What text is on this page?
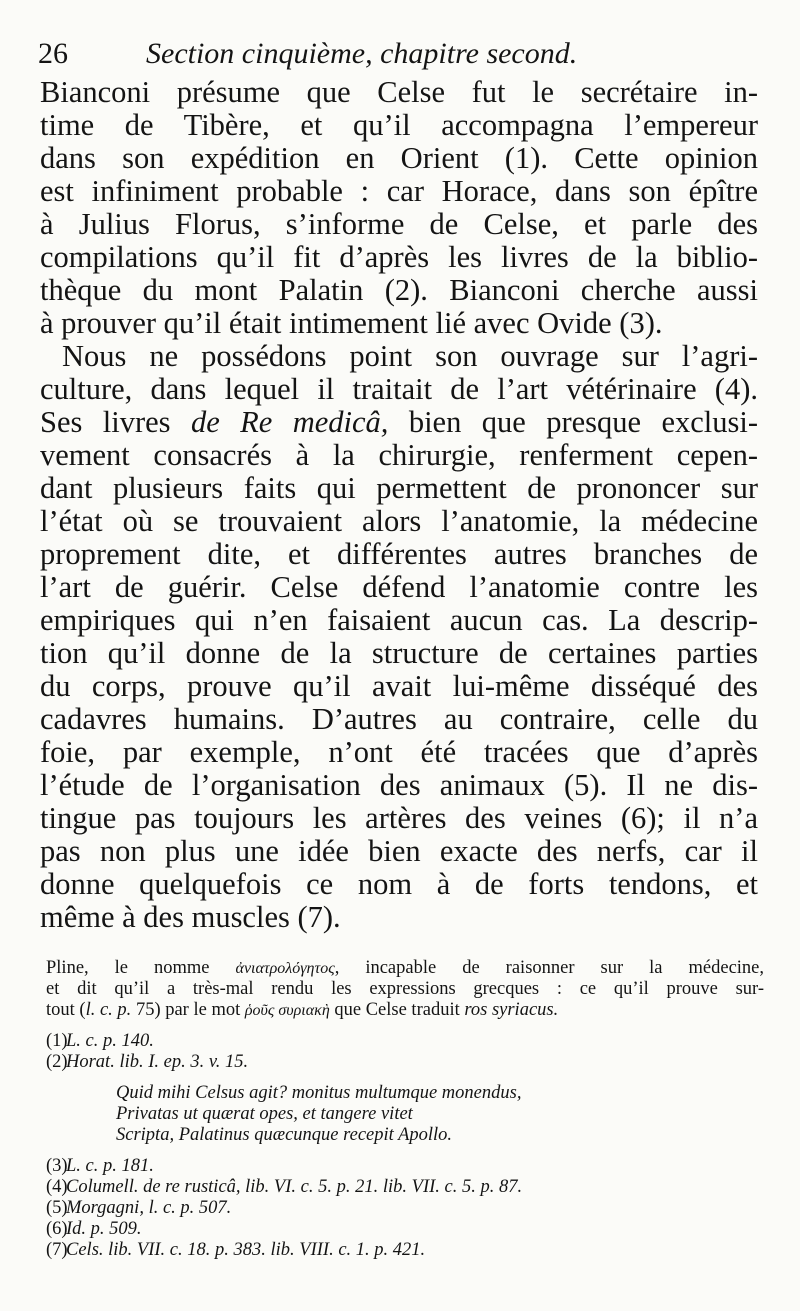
26	Section cinquième, chapitre second.
Bianconi présume que Celse fut le secrétaire in-
time de Tibère, et qu’il accompagna l’empereur
dans son expédition en Orient (1). Cette opinion
est infiniment probable : car Horace, dans son épître
à Julius Florus, s’informe de Celse, et parle des
compilations qu’il fit d’après les livres de la biblio-
thèque du mont Palatin (2). Bianconi cherche aussi
à prouver qu’il était intimement lié avec Ovide (3).
Nous ne possédons point son ouvrage sur l’agri-
culture, dans lequel il traitait de l’art vétérinaire (4).
Ses livres de Re medicâ, bien que presque exclusi-
vement consacrés à la chirurgie, renferment cepen-
dant plusieurs faits qui permettent de prononcer sur
l’état où se trouvaient alors l’anatomie, la médecine
proprement dite, et différentes autres branches de
l’art de guérir. Celse défend l’anatomie contre les
empiriques qui n’en faisaient aucun cas. La descrip-
tion qu’il donne de la structure de certaines parties
du corps, prouve qu’il avait lui-même disséqué des
cadavres humains. D’autres au contraire, celle du
foie, par exemple, n’ont été tracées que d’après
l’étude de l’organisation des animaux (5). Il ne dis-
tingue pas toujours les artères des veines (6); il n’a
pas non plus une idée bien exacte des nerfs, car il
donne quelquefois ce nom à de forts tendons, et
même à des muscles (7).
Pline, le nomme ἀνιατρολόγητος, incapable de raisonner sur la médecine,
et dit qu’il a très-mal rendu les expressions grecques : ce qu’il prouve sur-
tout (l. c. p. 75) par le mot ῥοῦς συριακὴ que Celse traduit ros syriacus.
(1)
L. c. p. 140.
(2)
Horat. lib. I. ep. 3. v. 15.
Quid mihi Celsus agit? monitus multumque monendus,
Privatas ut quærat opes, et tangere vitet
Scripta, Palatinus quæcunque recepit Apollo.
(3)
L. c. p. 181.
(4)
Columell. de re rusticâ, lib. VI. c. 5. p. 21. lib. VII. c. 5. p. 87.
(5)
Morgagni, l. c. p. 507.
(6)
Id. p. 509.
(7)
Cels. lib. VII. c. 18. p. 383. lib. VIII. c. 1. p. 421.
